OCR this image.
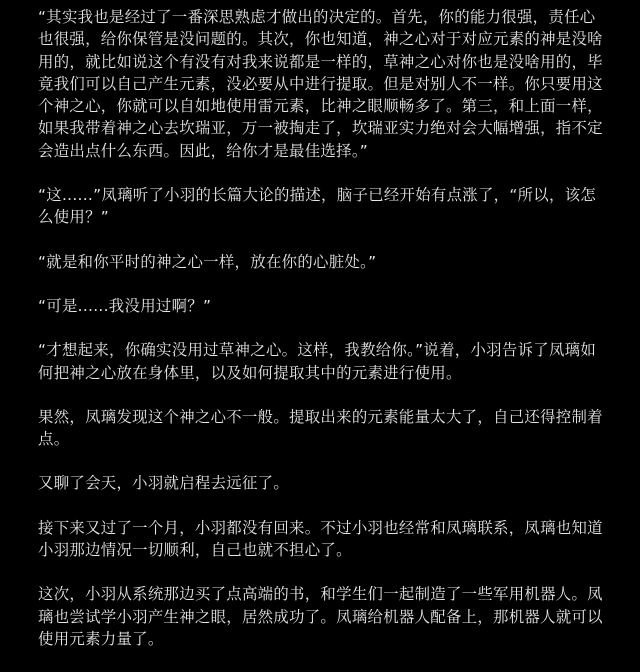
“其实我也是经过了一番深思熟虑才做出的决定的。首先，你的能力很强，责任心也很强，给你保管是没问题的。其次，你也知道，神之心对于对应元素的神是没啥用的，就比如说这个有没有对我来说都是一样的，草神之心对你也是没啥用的，毕竟我们可以自己产生元素，没必要从中进行提取。但是对别人不一样。你只要用这个神之心，你就可以自如地使用雷元素，比神之眼顺畅多了。第三，和上面一样，如果我带着神之心去坎瑞亚，万一被掏走了，坎瑞亚实力绝对会大幅增强，指不定会造出点什么东西。因此，给你才是最佳选择。”

“这......”凤璃听了小羽的长篇大论的描述，脑子已经开始有点涨了，“所以，该怎么使用？”

“就是和你平时的神之心一样，放在你的心脏处。”

“可是......我没用过啊？”

“才想起来，你确实没用过草神之心。这样，我教给你。”说着，小羽告诉了凤璃如何把神之心放在身体里，以及如何提取其中的元素进行使用。

果然，凤璃发现这个神之心不一般。提取出来的元素能量太大了，自己还得控制着点。

又聊了会天，小羽就启程去远征了。

接下来又过了一个月，小羽都没有回来。不过小羽也经常和凤璃联系，凤璃也知道小羽那边情况一切顺利，自己也就不担心了。

这次，小羽从系统那边买了点高端的书，和学生们一起制造了一些军用机器人。凤璃也尝试学小羽产生神之眼，居然成功了。凤璃给机器人配备上，那机器人就可以使用元素力量了。
